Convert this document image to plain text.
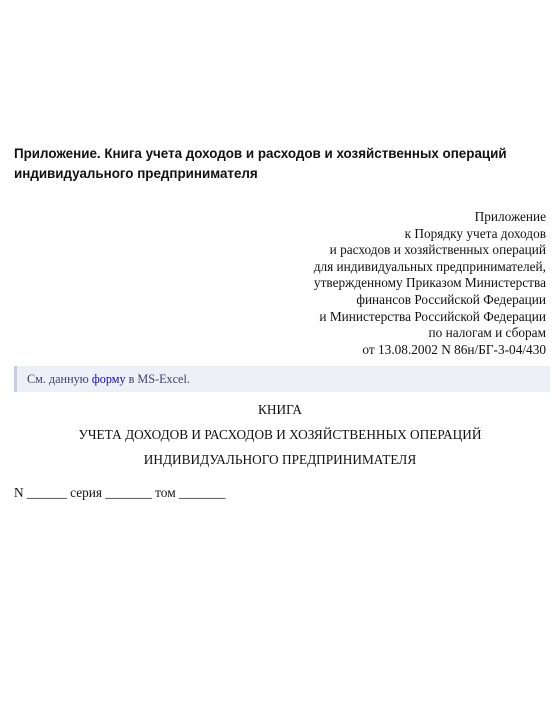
Приложение. Книга учета доходов и расходов и хозяйственных операций
индивидуального предпринимателя
Приложение
к Порядку учета доходов
и расходов и хозяйственных операций
для индивидуальных предпринимателей,
утвержденному Приказом Министерства
финансов Российской Федерации
и Министерства Российской Федерации
по налогам и сборам
от 13.08.2002 N 86н/БГ-3-04/430
См. данную форму в MS-Excel.
КНИГА
УЧЕТА ДОХОДОВ И РАСХОДОВ И ХОЗЯЙСТВЕННЫХ ОПЕРАЦИЙ
ИНДИВИДУАЛЬНОГО ПРЕДПРИНИМАТЕЛЯ
N ______ серия _______ том _______
